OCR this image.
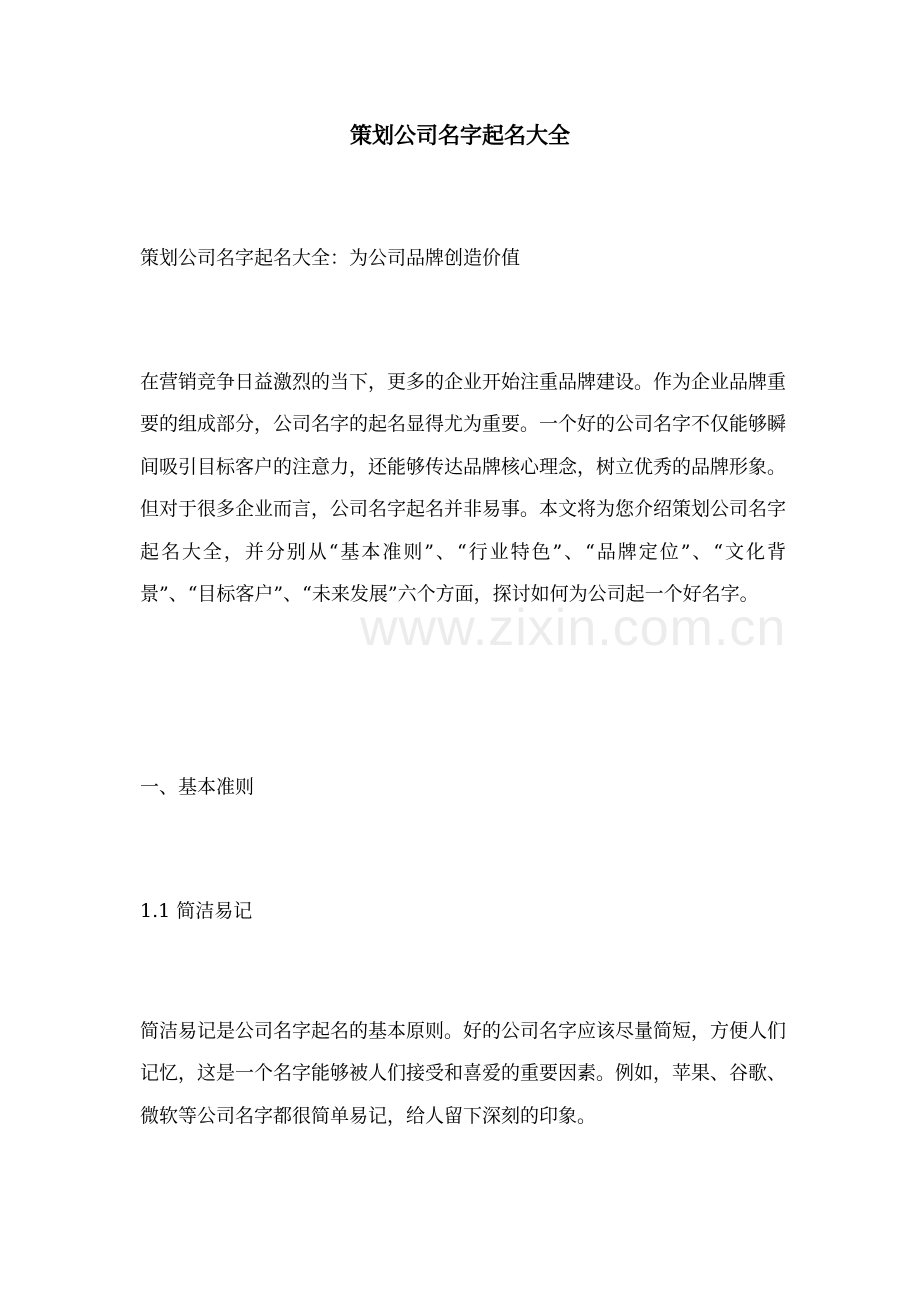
策划公司名字起名大全
策划公司名字起名大全：为公司品牌创造价值
在营销竞争日益激烈的当下，更多的企业开始注重品牌建设。作为企业品牌重要的组成部分，公司名字的起名显得尤为重要。一个好的公司名字不仅能够瞬间吸引目标客户的注意力，还能够传达品牌核心理念，树立优秀的品牌形象。但对于很多企业而言，公司名字起名并非易事。本文将为您介绍策划公司名字起名大全，并分别从“基本准则”、“行业特色”、“品牌定位”、“文化背景”、“目标客户”、“未来发展”六个方面，探讨如何为公司起一个好名字。
一、基本准则
1.1 简洁易记
简洁易记是公司名字起名的基本原则。好的公司名字应该尽量简短，方便人们记忆，这是一个名字能够被人们接受和喜爱的重要因素。例如，苹果、谷歌、微软等公司名字都很简单易记，给人留下深刻的印象。
www.zixin.com.cn
